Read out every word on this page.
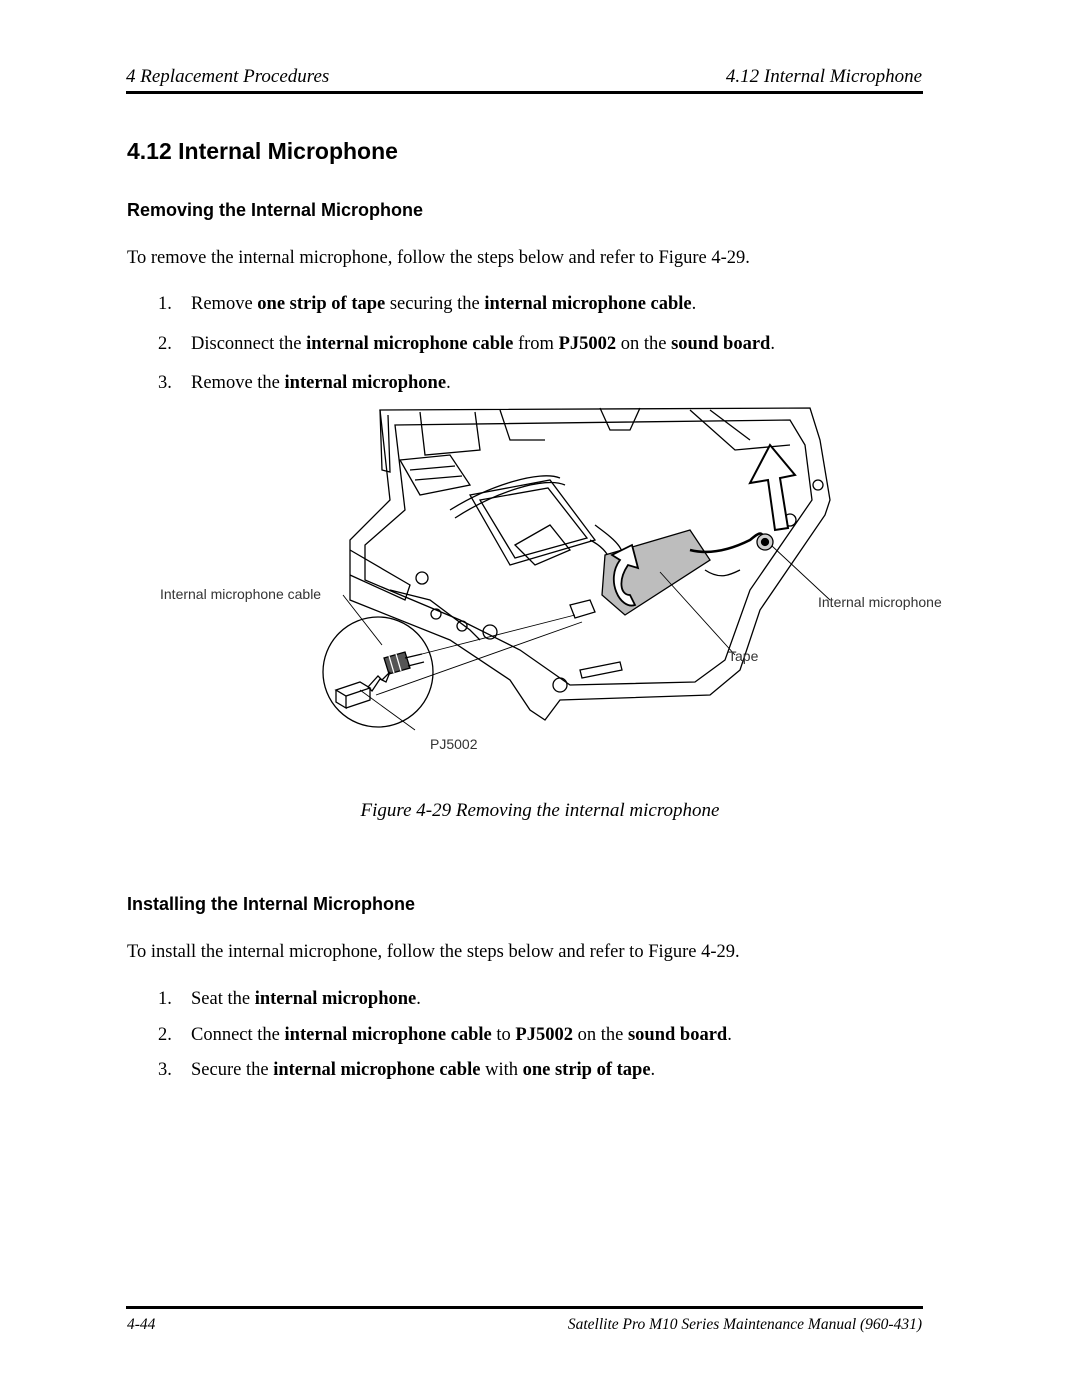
4 Replacement Procedures	4.12 Internal Microphone
4.12 Internal Microphone
Removing the Internal Microphone

To remove the internal microphone, follow the steps below and refer to Figure 4-29.

1. Remove one strip of tape securing the internal microphone cable.

2. Disconnect the internal microphone cable from PJ5002 on the sound board.

3. Remove the internal microphone.

Internal microphone cable	Internal microphone
Tape
PJ5002
Figure 4-29 Removing the internal microphone
Installing the Internal Microphone

To install the internal microphone, follow the steps below and refer to Figure 4-29.

1. Seat the internal microphone.

2. Connect the internal microphone cable to PJ5002 on the sound board.

3. Secure the internal microphone cable with one strip of tape.

4-44	Satellite Pro M10 Series Maintenance Manual (960-431)
